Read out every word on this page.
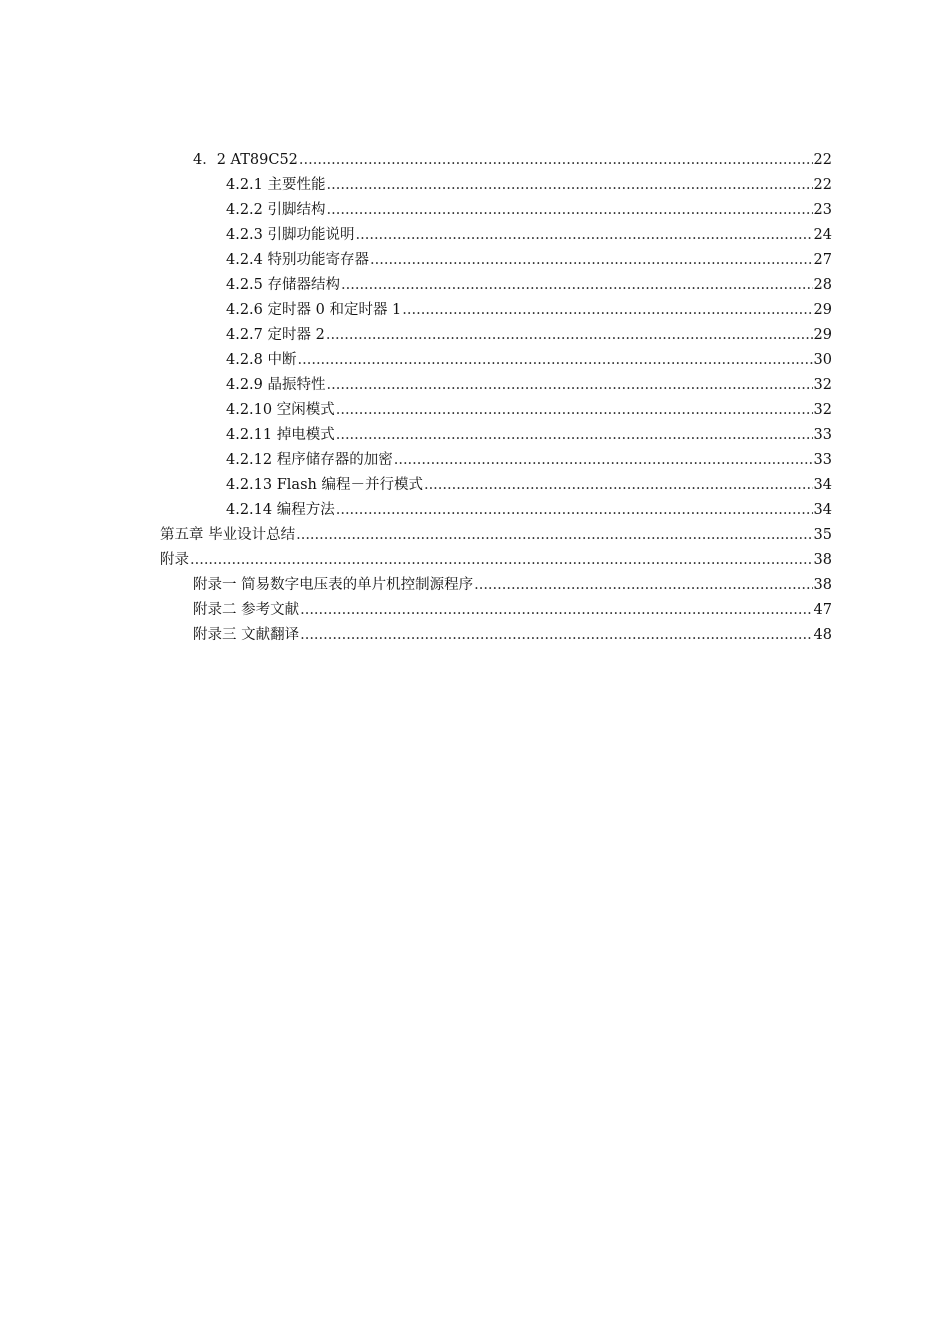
4．2 AT89C52 .....	22
4.2.1 主要性能 .....	22
4.2.2 引脚结构 .....	23
4.2.3 引脚功能说明 .....	24
4.2.4 特别功能寄存器 .....	27
4.2.5 存储器结构 .....	28
4.2.6 定时器 0 和定时器 1 .....	29
4.2.7 定时器 2 .....	29
4.2.8 中断 .....	30
4.2.9 晶振特性 .....	32
4.2.10 空闲模式 .....	32
4.2.11 掉电模式 .....	33
4.2.12 程序储存器的加密 .....	33
4.2.13 Flash 编程－并行模式 .....	34
4.2.14 编程方法 .....	34
第五章 毕业设计总结 .....	35
附录 .....	38
附录一 简易数字电压表的单片机控制源程序 .....	38
附录二 参考文献 .....	47
附录三 文献翻译 .....	48
